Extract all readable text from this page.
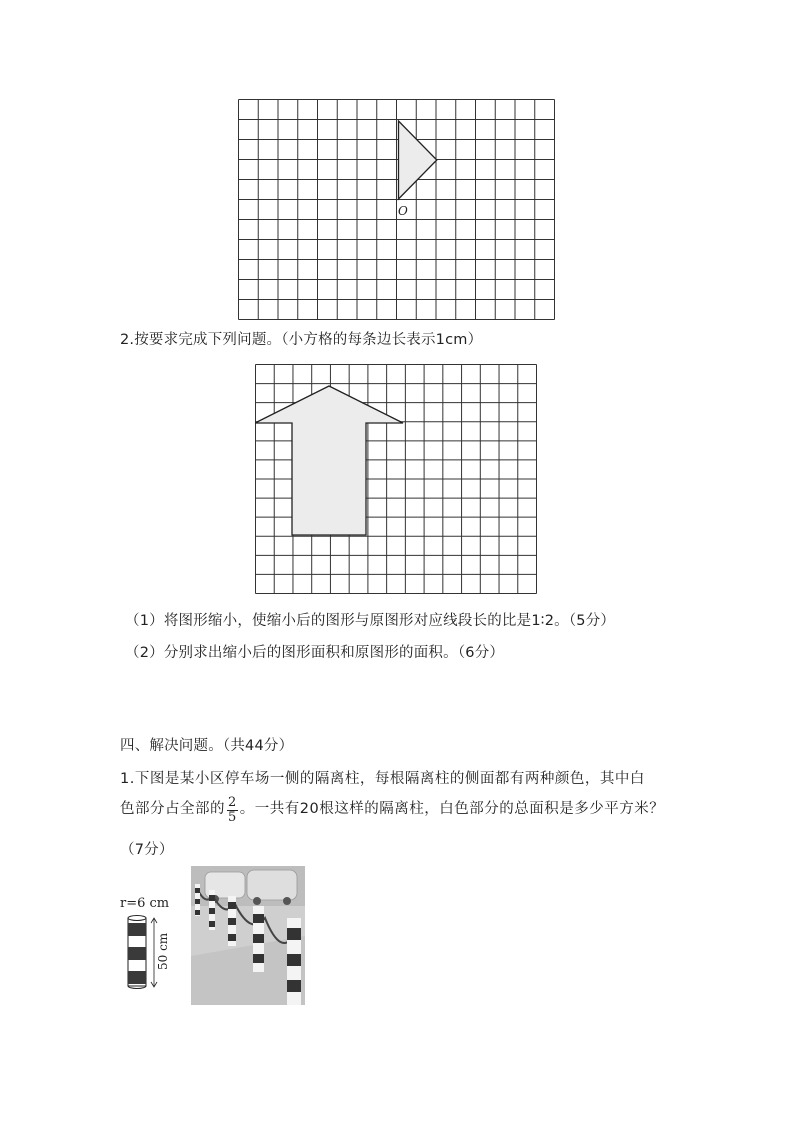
O
2.按要求完成下列问题。（小方格的每条边长表示1cm）
（1）将图形缩小，使缩小后的图形与原图形对应线段长的比是1∶2。（5分）
（2）分别求出缩小后的图形面积和原图形的面积。（6分）
四、解决问题。（共44分）
1.下图是某小区停车场一侧的隔离柱，每根隔离柱的侧面都有两种颜色，其中白
色部分占全部的 $\frac{2}{5}$ 。一共有20根这样的隔离柱，白色部分的总面积是多少平方米？
（7分）
r=6 cm
50 cm
